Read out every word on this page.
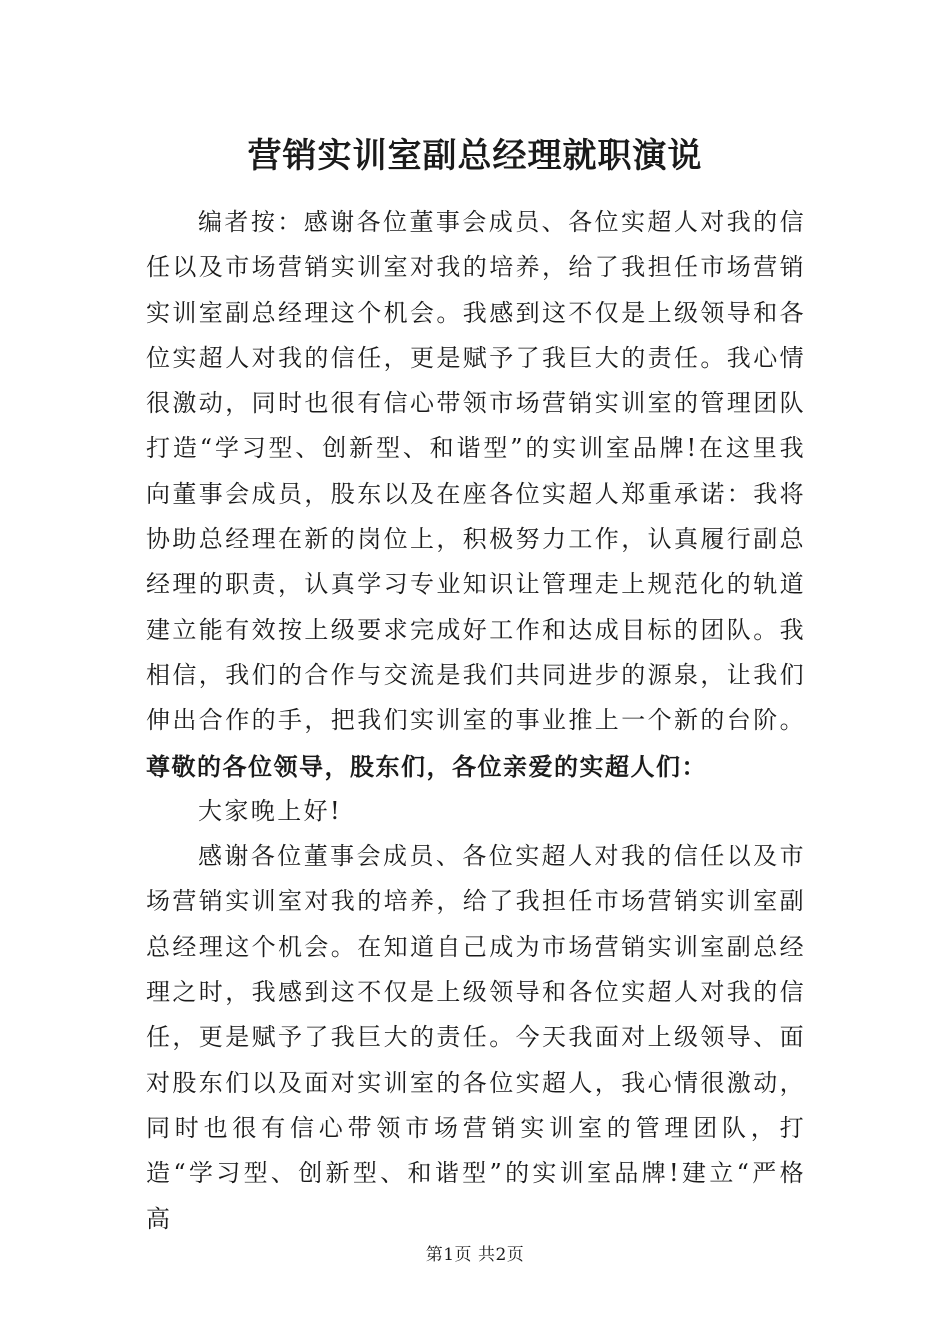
营销实训室副总经理就职演说

编者按：感谢各位董事会成员、各位实超人对我的信任以及市场营销实训室对我的培养，给了我担任市场营销实训室副总经理这个机会。我感到这不仅是上级领导和各位实超人对我的信任，更是赋予了我巨大的责任。我心情很激动，同时也很有信心带领市场营销实训室的管理团队打造“学习型、创新型、和谐型”的实训室品牌!在这里我向董事会成员，股东以及在座各位实超人郑重承诺：我将协助总经理在新的岗位上，积极努力工作，认真履行副总经理的职责，认真学习专业知识让管理走上规范化的轨道建立能有效按上级要求完成好工作和达成目标的团队。我相信，我们的合作与交流是我们共同进步的源泉，让我们伸出合作的手，把我们实训室的事业推上一个新的台阶。

尊敬的各位领导，股东们，各位亲爱的实超人们：

大家晚上好!

感谢各位董事会成员、各位实超人对我的信任以及市场营销实训室对我的培养，给了我担任市场营销实训室副总经理这个机会。在知道自己成为市场营销实训室副总经理之时，我感到这不仅是上级领导和各位实超人对我的信任，更是赋予了我巨大的责任。今天我面对上级领导、面对股东们以及面对实训室的各位实超人，我心情很激动，同时也很有信心带领市场营销实训室的管理团队，打造“学习型、创新型、和谐型”的实训室品牌!建立“严格高

第1页 共2页
